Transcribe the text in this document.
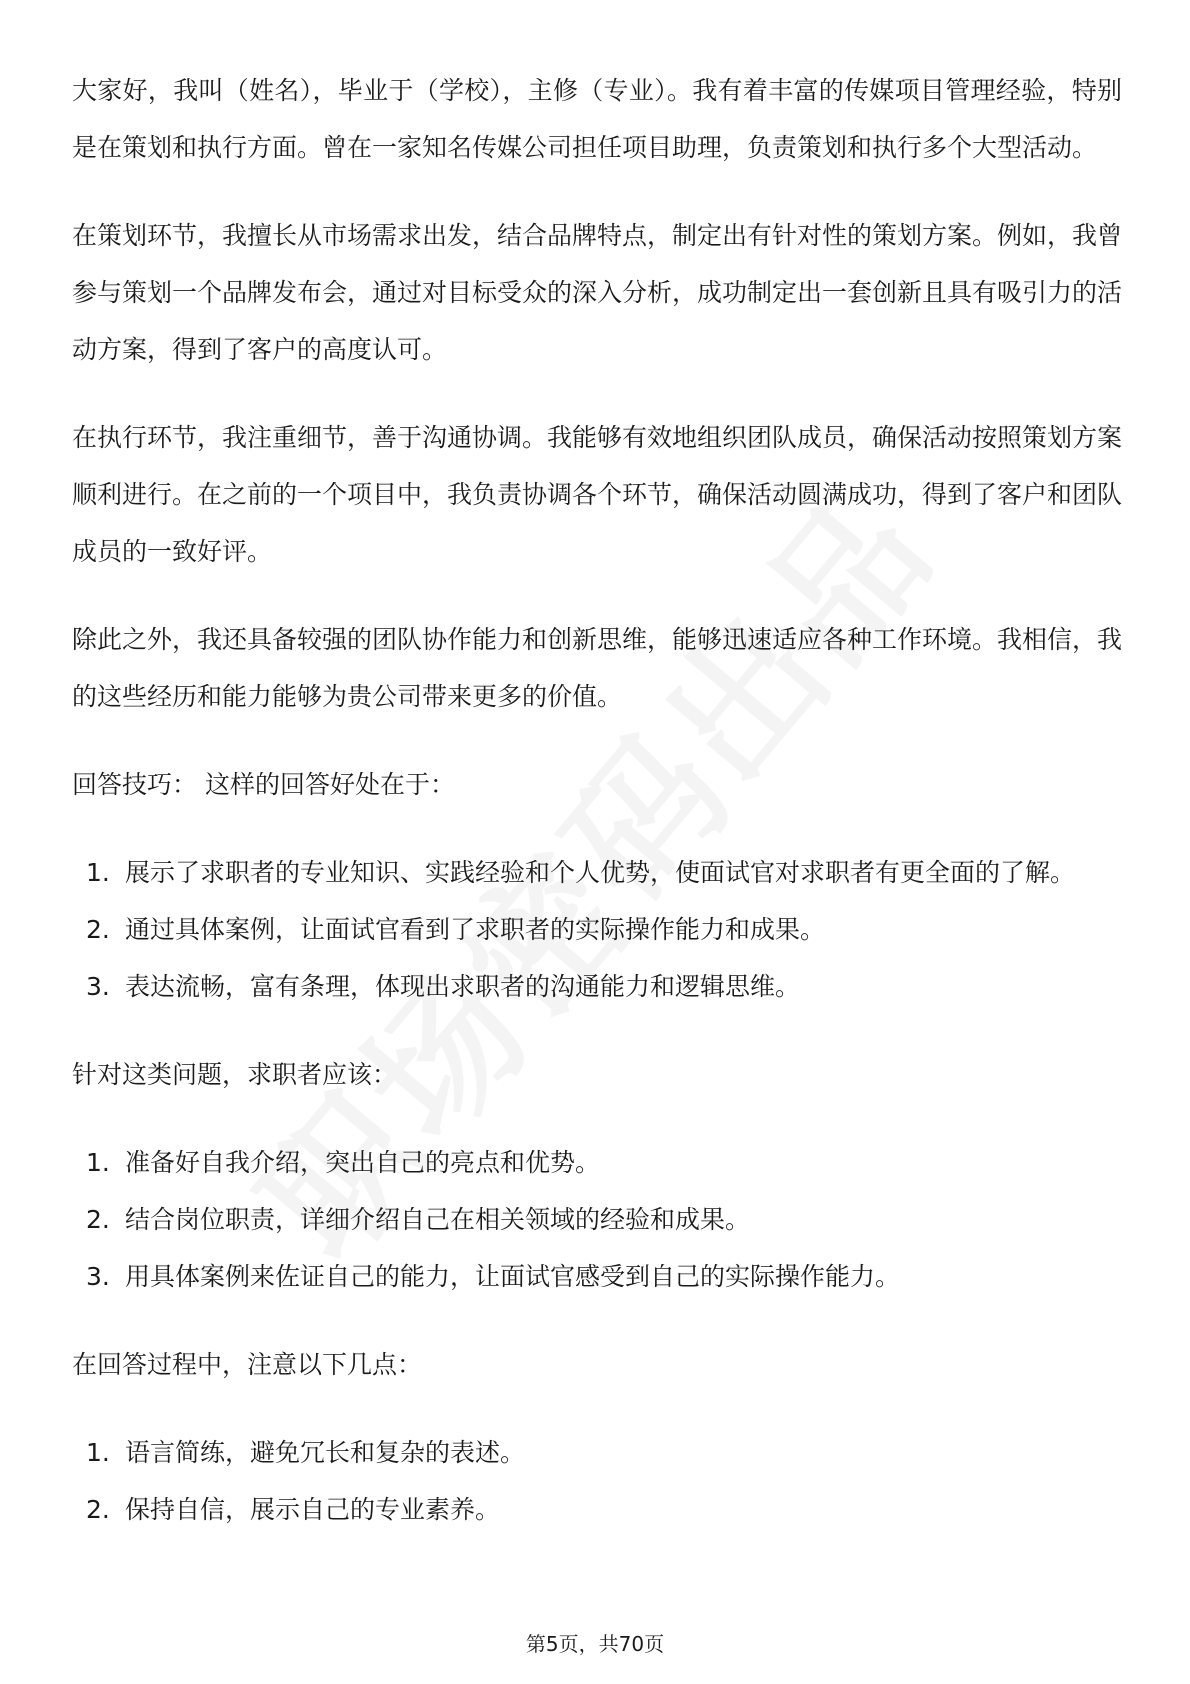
大家好，我叫（姓名），毕业于（学校），主修（专业）。我有着丰富的传媒项目管理经验，特别是在策划和执行方面。曾在一家知名传媒公司担任项目助理，负责策划和执行多个大型活动。

在策划环节，我擅长从市场需求出发，结合品牌特点，制定出有针对性的策划方案。例如，我曾参与策划一个品牌发布会，通过对目标受众的深入分析，成功制定出一套创新且具有吸引力的活动方案，得到了客户的高度认可。

在执行环节，我注重细节，善于沟通协调。我能够有效地组织团队成员，确保活动按照策划方案顺利进行。在之前的一个项目中，我负责协调各个环节，确保活动圆满成功，得到了客户和团队成员的一致好评。

除此之外，我还具备较强的团队协作能力和创新思维，能够迅速适应各种工作环境。我相信，我的这些经历和能力能够为贵公司带来更多的价值。

回答技巧： 这样的回答好处在于：

1. 展示了求职者的专业知识、实践经验和个人优势，使面试官对求职者有更全面的了解。
2. 通过具体案例，让面试官看到了求职者的实际操作能力和成果。
3. 表达流畅，富有条理，体现出求职者的沟通能力和逻辑思维。

针对这类问题，求职者应该：

1. 准备好自我介绍，突出自己的亮点和优势。
2. 结合岗位职责，详细介绍自己在相关领域的经验和成果。
3. 用具体案例来佐证自己的能力，让面试官感受到自己的实际操作能力。

在回答过程中，注意以下几点：

1. 语言简练，避免冗长和复杂的表述。
2. 保持自信，展示自己的专业素养。
第5页，共70页
